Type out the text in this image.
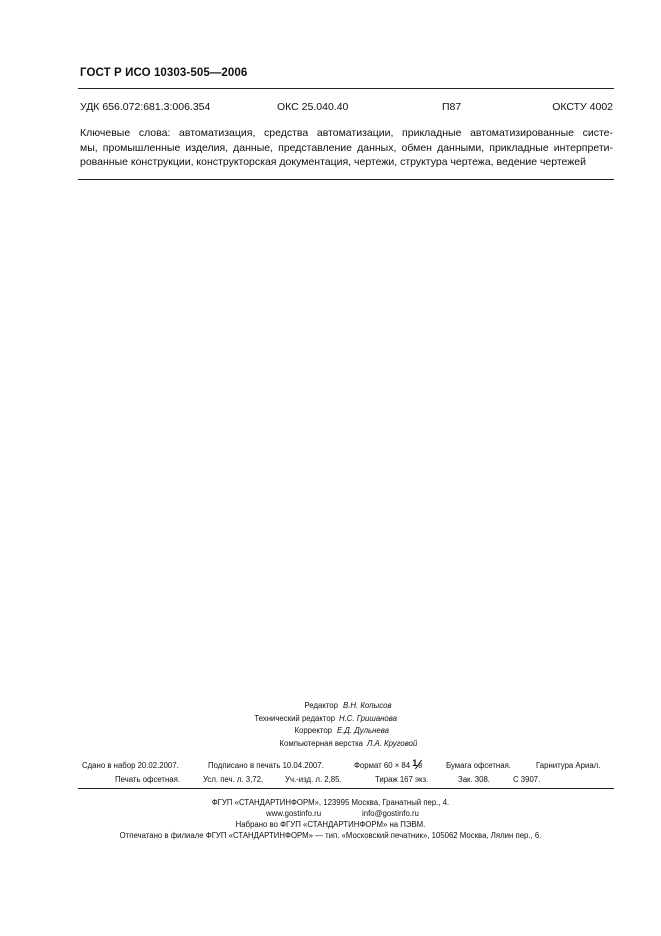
ГОСТ Р ИСО 10303-505—2006
УДК 656.072:681.3:006.354	ОКС 25.040.40	П87	ОКСТУ 4002
Ключевые слова: автоматизация, средства автоматизации, прикладные автоматизированные систе-
мы, промышленные изделия, данные, представление данных, обмен данными, прикладные интерпрети-
рованные конструкции, конструкторская документация, чертежи, структура чертежа, ведение чертежей
Редактор В.Н. Копысов
Технический редактор Н.С. Гришанова
Корректор Е.Д. Дульнева
Компьютерная верстка Л.А. Круговой
Сдано в набор 20.02.2007.	Подписано в печать 10.04.2007.	Формат 60 × 84 1 8	Бумага офсетная.	Гарнитура Ариал.
Печать офсетная.	Усл. печ. л. 3,72.	Уч.-изд. л. 2,85.	Тираж 167 экз.	Зак. 308.	С 3907.
ФГУП «СТАНДАРТИНФОРМ», 123995 Москва, Гранатный пер., 4.
www.gostinfo.ru	info@gostinfo.ru
Набрано во ФГУП «СТАНДАРТИНФОРМ» на ПЭВМ.
Отпечатано в филиале ФГУП «СТАНДАРТИНФОРМ» — тип. «Московский печатник», 105062 Москва, Лялин пер., 6.
